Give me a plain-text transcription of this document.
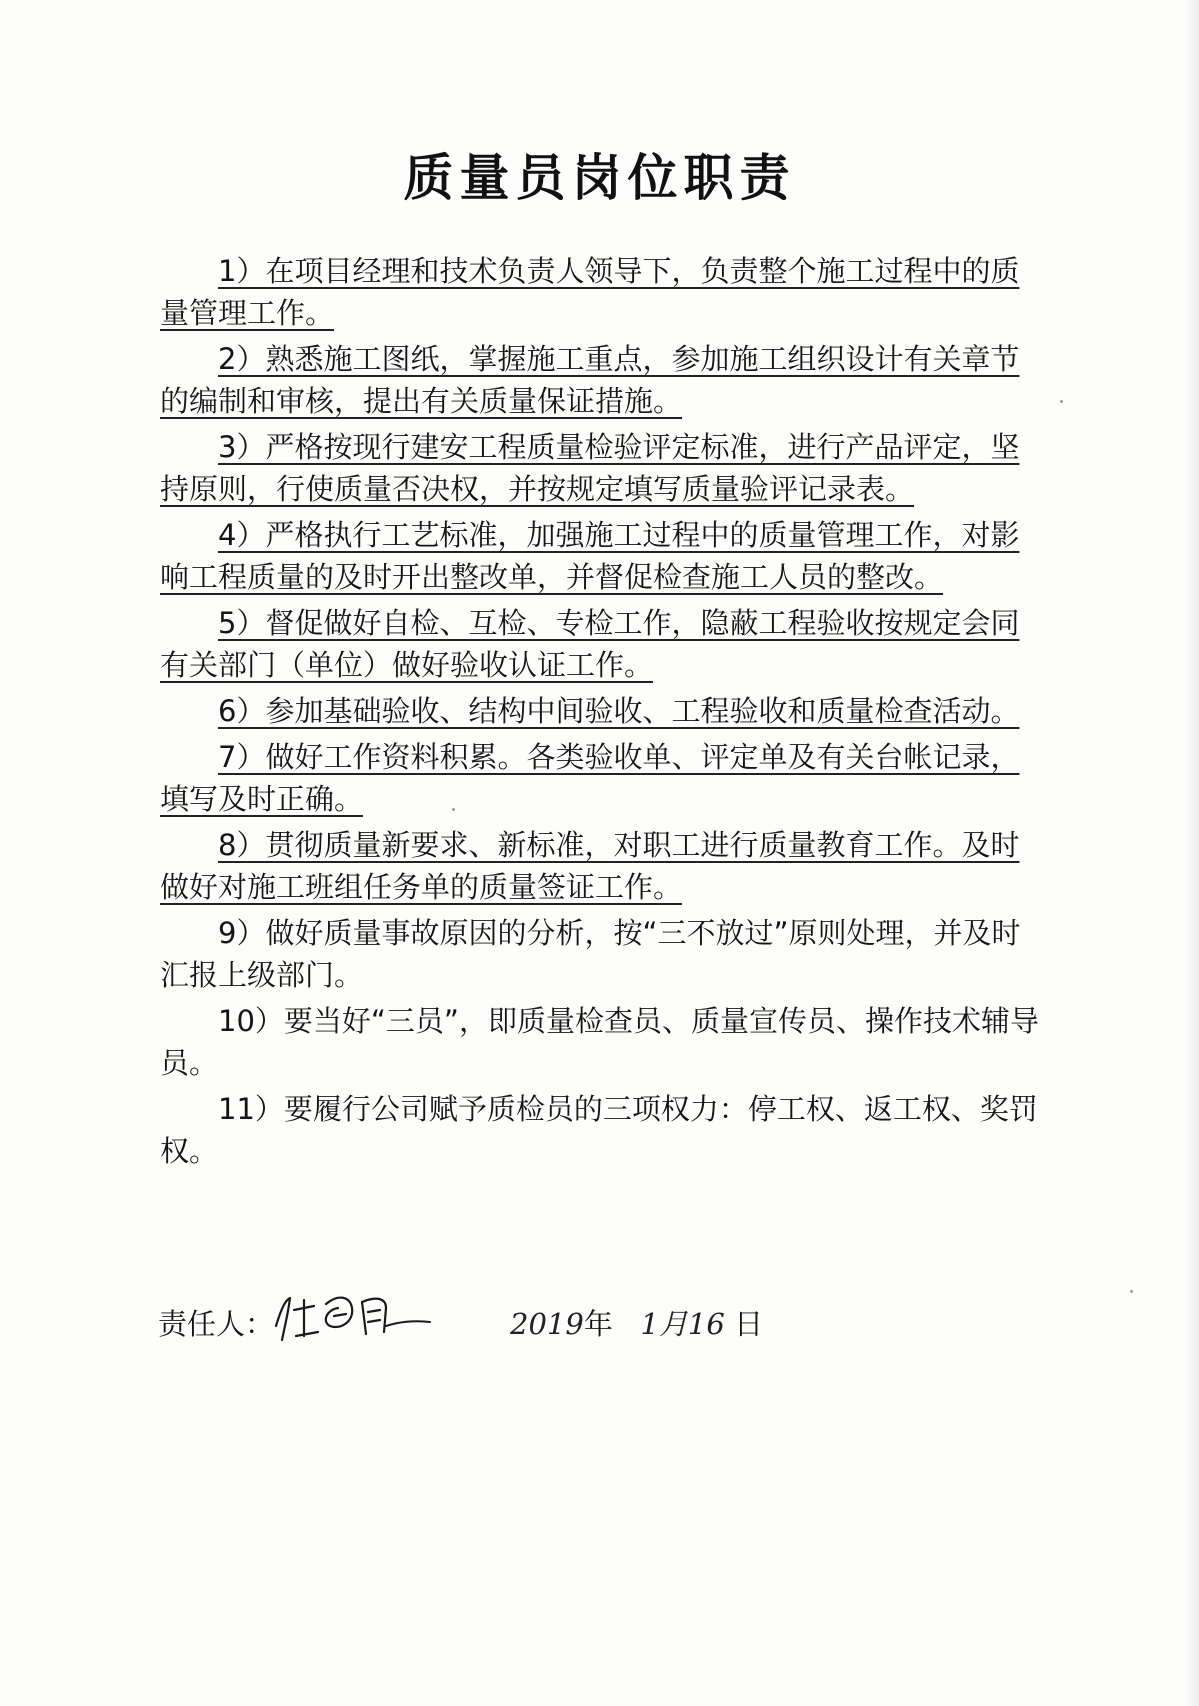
质量员岗位职责
1）在项目经理和技术负责人领导下，负责整个施工过程中的质量管理工作。
2）熟悉施工图纸，掌握施工重点，参加施工组织设计有关章节的编制和审核，提出有关质量保证措施。
3）严格按现行建安工程质量检验评定标准，进行产品评定，坚持原则，行使质量否决权，并按规定填写质量验评记录表。
4）严格执行工艺标准，加强施工过程中的质量管理工作，对影响工程质量的及时开出整改单，并督促检查施工人员的整改。
5）督促做好自检、互检、专检工作，隐蔽工程验收按规定会同有关部门（单位）做好验收认证工作。
6）参加基础验收、结构中间验收、工程验收和质量检查活动。
7）做好工作资料积累。各类验收单、评定单及有关台帐记录，填写及时正确。
8）贯彻质量新要求、新标准，对职工进行质量教育工作。及时做好对施工班组任务单的质量签证工作。
9）做好质量事故原因的分析，按“三不放过”原则处理，并及时汇报上级部门。
10）要当好“三员”，即质量检查员、质量宣传员、操作技术辅导员。
11）要履行公司赋予质检员的三项权力：停工权、返工权、奖罚权。
责任人：	2019年 1月16 日
